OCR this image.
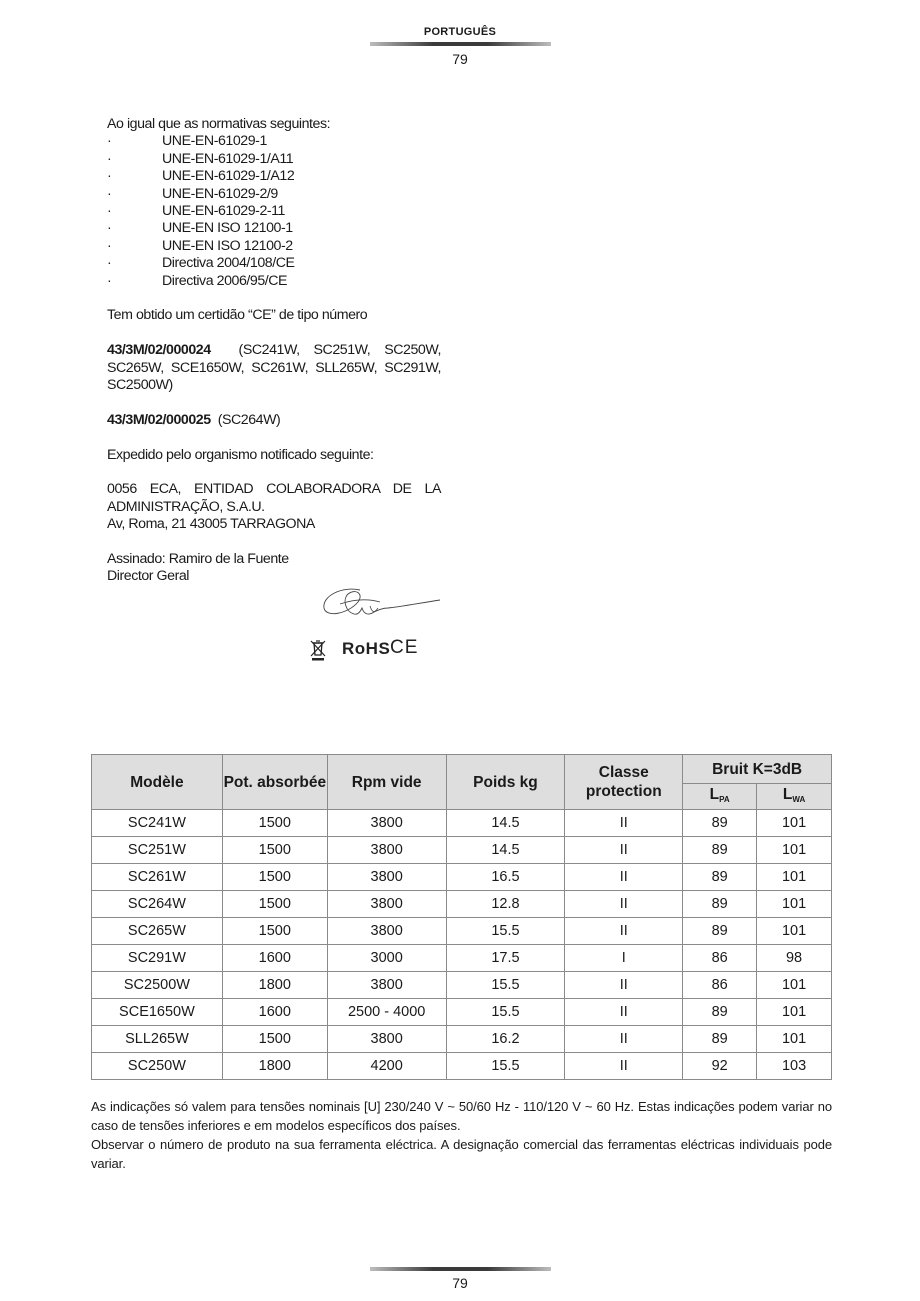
PORTUGUÊS
79

Ao igual que as normativas seguintes:

· UNE-EN-61029-1
· UNE-EN-61029-1/A11
· UNE-EN-61029-1/A12
· UNE-EN-61029-2/9
· UNE-EN-61029-2-11
· UNE-EN ISO 12100-1
· UNE-EN ISO 12100-2
· Directiva 2004/108/CE
· Directiva 2006/95/CE

Tem obtido um certidão “CE” de tipo número

43/3M/02/000024 (SC241W, SC251W, SC250W, SC265W, SCE1650W, SC261W, SLL265W, SC291W, SC2500W)

43/3M/02/000025 (SC264W)

Expedido pelo organismo notificado seguinte:

0056 ECA, ENTIDAD COLABORADORA DE LA ADMINISTRAÇÃO, S.A.U.

Av, Roma, 21 43005 TARRAGONA

Assinado: Ramiro de la Fuente

Director Geral

RoHS CE
Modèle	Pot. absorbée	Rpm vide	Poids kg	Classe protection	Bruit K=3dB	
					$L_{PA}$	$L_{WA}$
SC241W	1500	3800	14.5	II	89	101
SC251W	1500	3800	14.5	II	89	101
SC261W	1500	3800	16.5	II	89	101
SC264W	1500	3800	12.8	II	89	101
SC265W	1500	3800	15.5	II	89	101
SC291W	1600	3000	17.5	I	86	98
SC2500W	1800	3800	15.5	II	86	101
SCE1650W	1600	2500 - 4000	15.5	II	89	101
SLL265W	1500	3800	16.2	II	89	101
SC250W	1800	4200	15.5	II	92	103

As indicações só valem para tensões nominais [U] 230/240 V ~ 50/60 Hz - 110/120 V ~ 60 Hz. Estas indicações podem variar no caso de tensões inferiores e em modelos específicos dos países.

Observar o número de produto na sua ferramenta eléctrica. A designação comercial das ferramentas eléctricas individuais pode variar.

79
